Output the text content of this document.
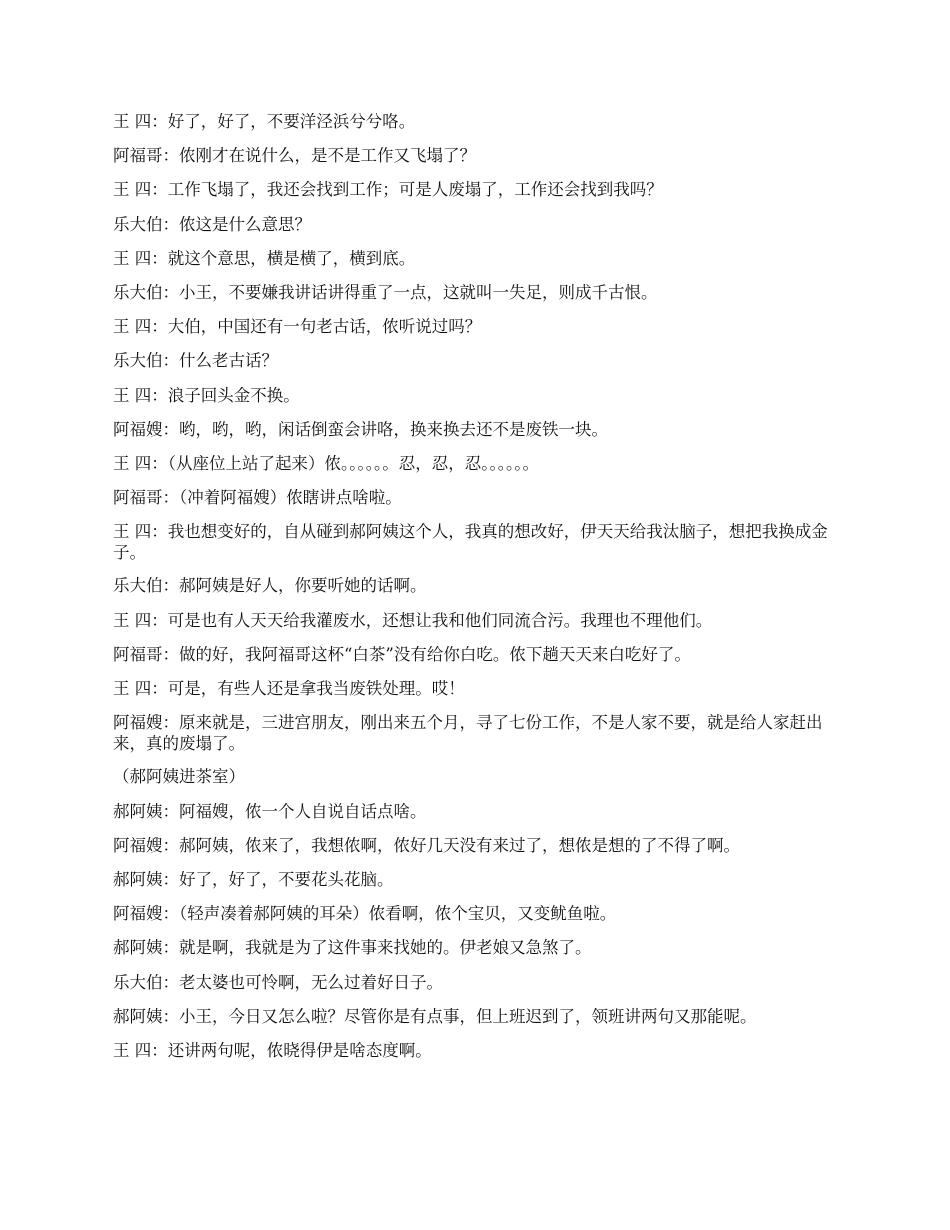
王 四：好了，好了，不要洋泾浜兮兮咯。

阿福哥：侬刚才在说什么，是不是工作又飞塌了？

王 四：工作飞塌了，我还会找到工作；可是人废塌了，工作还会找到我吗？

乐大伯：侬这是什么意思？

王 四：就这个意思，横是横了，横到底。

乐大伯：小王，不要嫌我讲话讲得重了一点，这就叫一失足，则成千古恨。

王 四：大伯，中国还有一句老古话，侬听说过吗？

乐大伯：什么老古话？

王 四：浪子回头金不换。

阿福嫂：哟，哟，哟，闲话倒蛮会讲咯，换来换去还不是废铁一块。

王 四：（从座位上站了起来）侬。。。。。。忍，忍，忍。。。。。。

阿福哥：（冲着阿福嫂）侬瞎讲点啥啦。

王 四：我也想变好的，自从碰到郝阿姨这个人，我真的想改好，伊天天给我汰脑子，想把我换成金子。

乐大伯：郝阿姨是好人，你要听她的话啊。

王 四：可是也有人天天给我灌废水，还想让我和他们同流合污。我理也不理他们。

阿福哥：做的好，我阿福哥这杯“白茶”没有给你白吃。侬下趟天天来白吃好了。

王 四：可是，有些人还是拿我当废铁处理。哎！

阿福嫂：原来就是，三进宫朋友，刚出来五个月，寻了七份工作，不是人家不要，就是给人家赶出来，真的废塌了。

（郝阿姨进茶室）

郝阿姨：阿福嫂，侬一个人自说自话点啥。

阿福嫂：郝阿姨，侬来了，我想侬啊，侬好几天没有来过了，想侬是想的了不得了啊。

郝阿姨：好了，好了，不要花头花脑。

阿福嫂：（轻声凑着郝阿姨的耳朵）侬看啊，侬个宝贝，又变鱿鱼啦。

郝阿姨：就是啊，我就是为了这件事来找她的。伊老娘又急煞了。

乐大伯：老太婆也可怜啊，无么过着好日子。

郝阿姨：小王，今日又怎么啦？尽管你是有点事，但上班迟到了，领班讲两句又那能呢。

王 四：还讲两句呢，侬晓得伊是啥态度啊。
